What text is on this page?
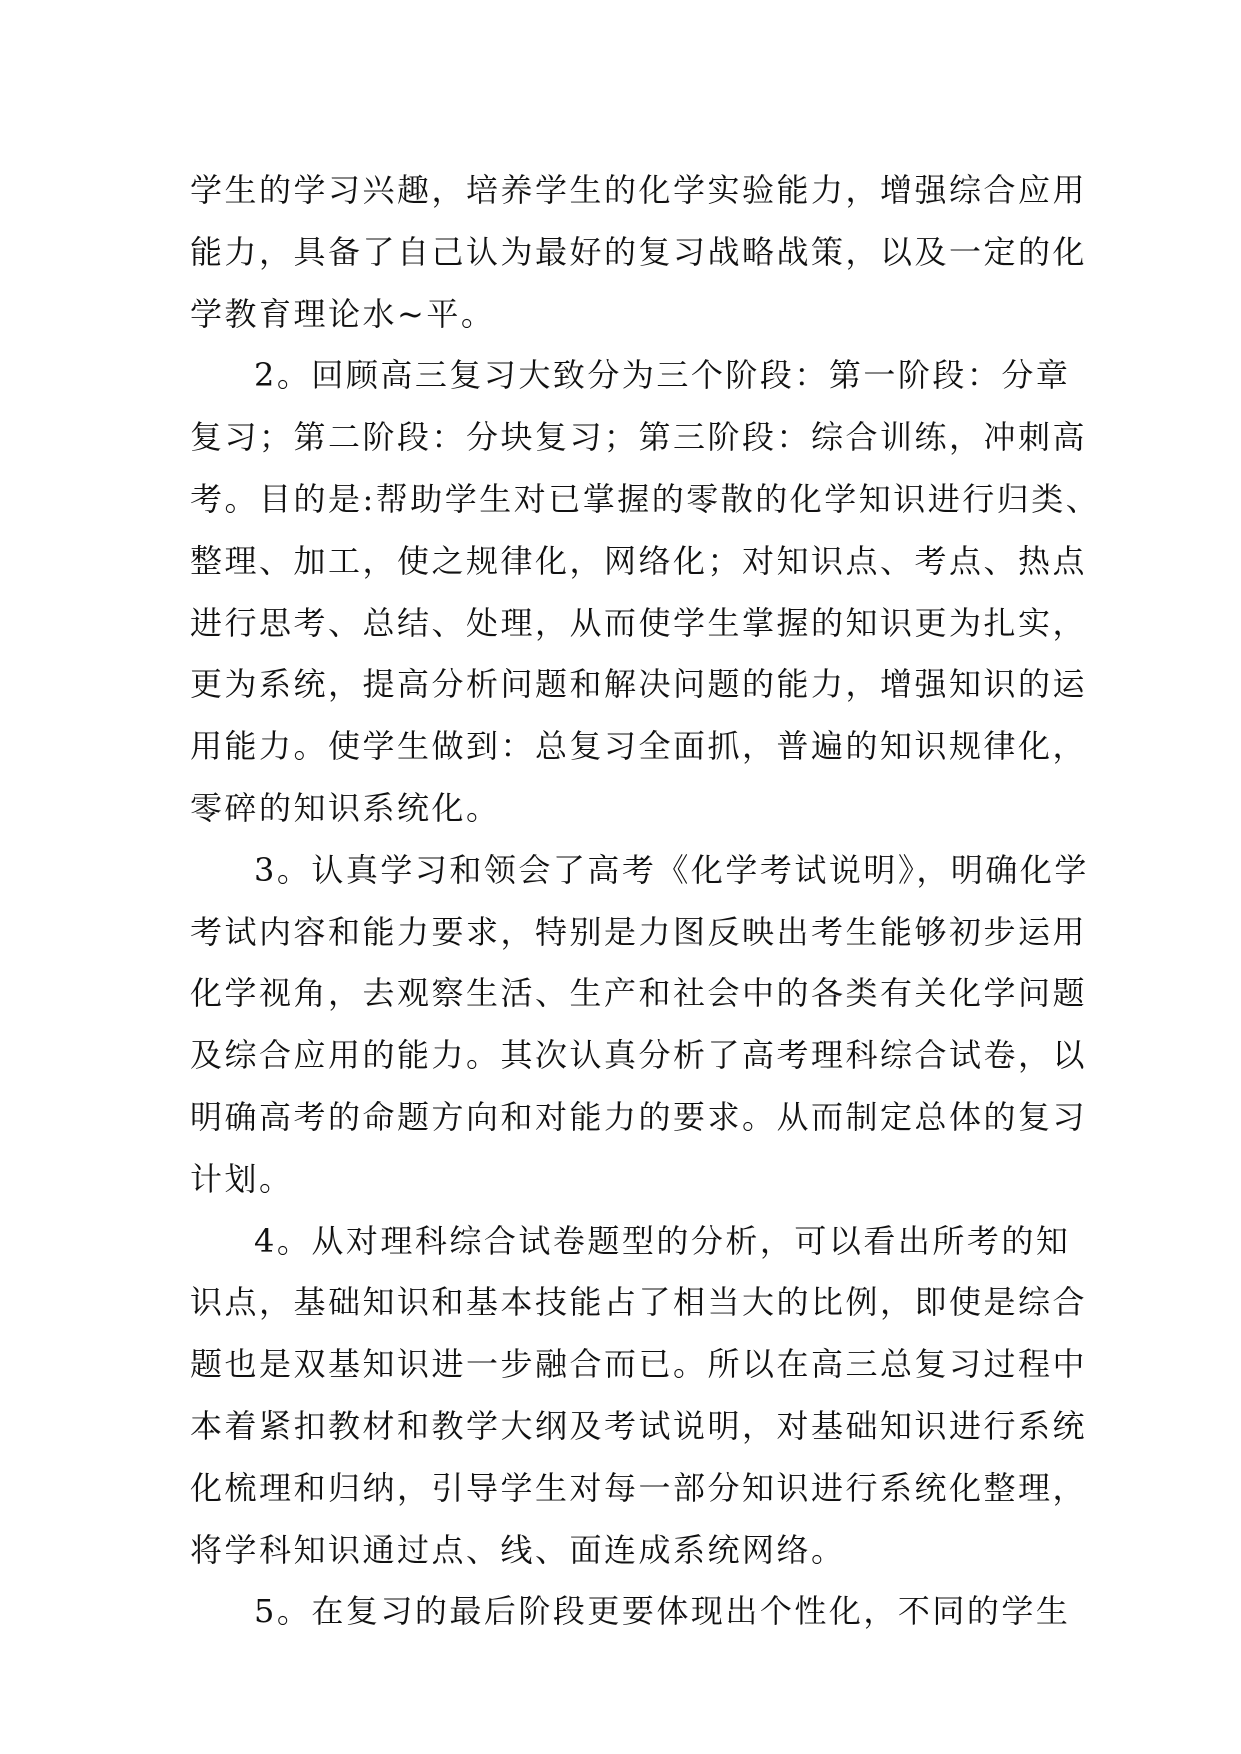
学生的学习兴趣，培养学生的化学实验能力，增强综合应用
能力，具备了自己认为最好的复习战略战策，以及一定的化
学教育理论水~平。
2。回顾高三复习大致分为三个阶段：第一阶段：分章
复习；第二阶段：分块复习；第三阶段：综合训练，冲刺高
考。目的是:帮助学生对已掌握的零散的化学知识进行归类、
整理、加工，使之规律化，网络化；对知识点、考点、热点
进行思考、总结、处理，从而使学生掌握的知识更为扎实，
更为系统，提高分析问题和解决问题的能力，增强知识的运
用能力。使学生做到：总复习全面抓，普遍的知识规律化，
零碎的知识系统化。
3。认真学习和领会了高考《化学考试说明》，明确化学
考试内容和能力要求，特别是力图反映出考生能够初步运用
化学视角，去观察生活、生产和社会中的各类有关化学问题
及综合应用的能力。其次认真分析了高考理科综合试卷，以
明确高考的命题方向和对能力的要求。从而制定总体的复习
计划。
4。从对理科综合试卷题型的分析，可以看出所考的知
识点，基础知识和基本技能占了相当大的比例，即使是综合
题也是双基知识进一步融合而已。所以在高三总复习过程中
本着紧扣教材和教学大纲及考试说明，对基础知识进行系统
化梳理和归纳，引导学生对每一部分知识进行系统化整理，
将学科知识通过点、线、面连成系统网络。
5。在复习的最后阶段更要体现出个性化，不同的学生
